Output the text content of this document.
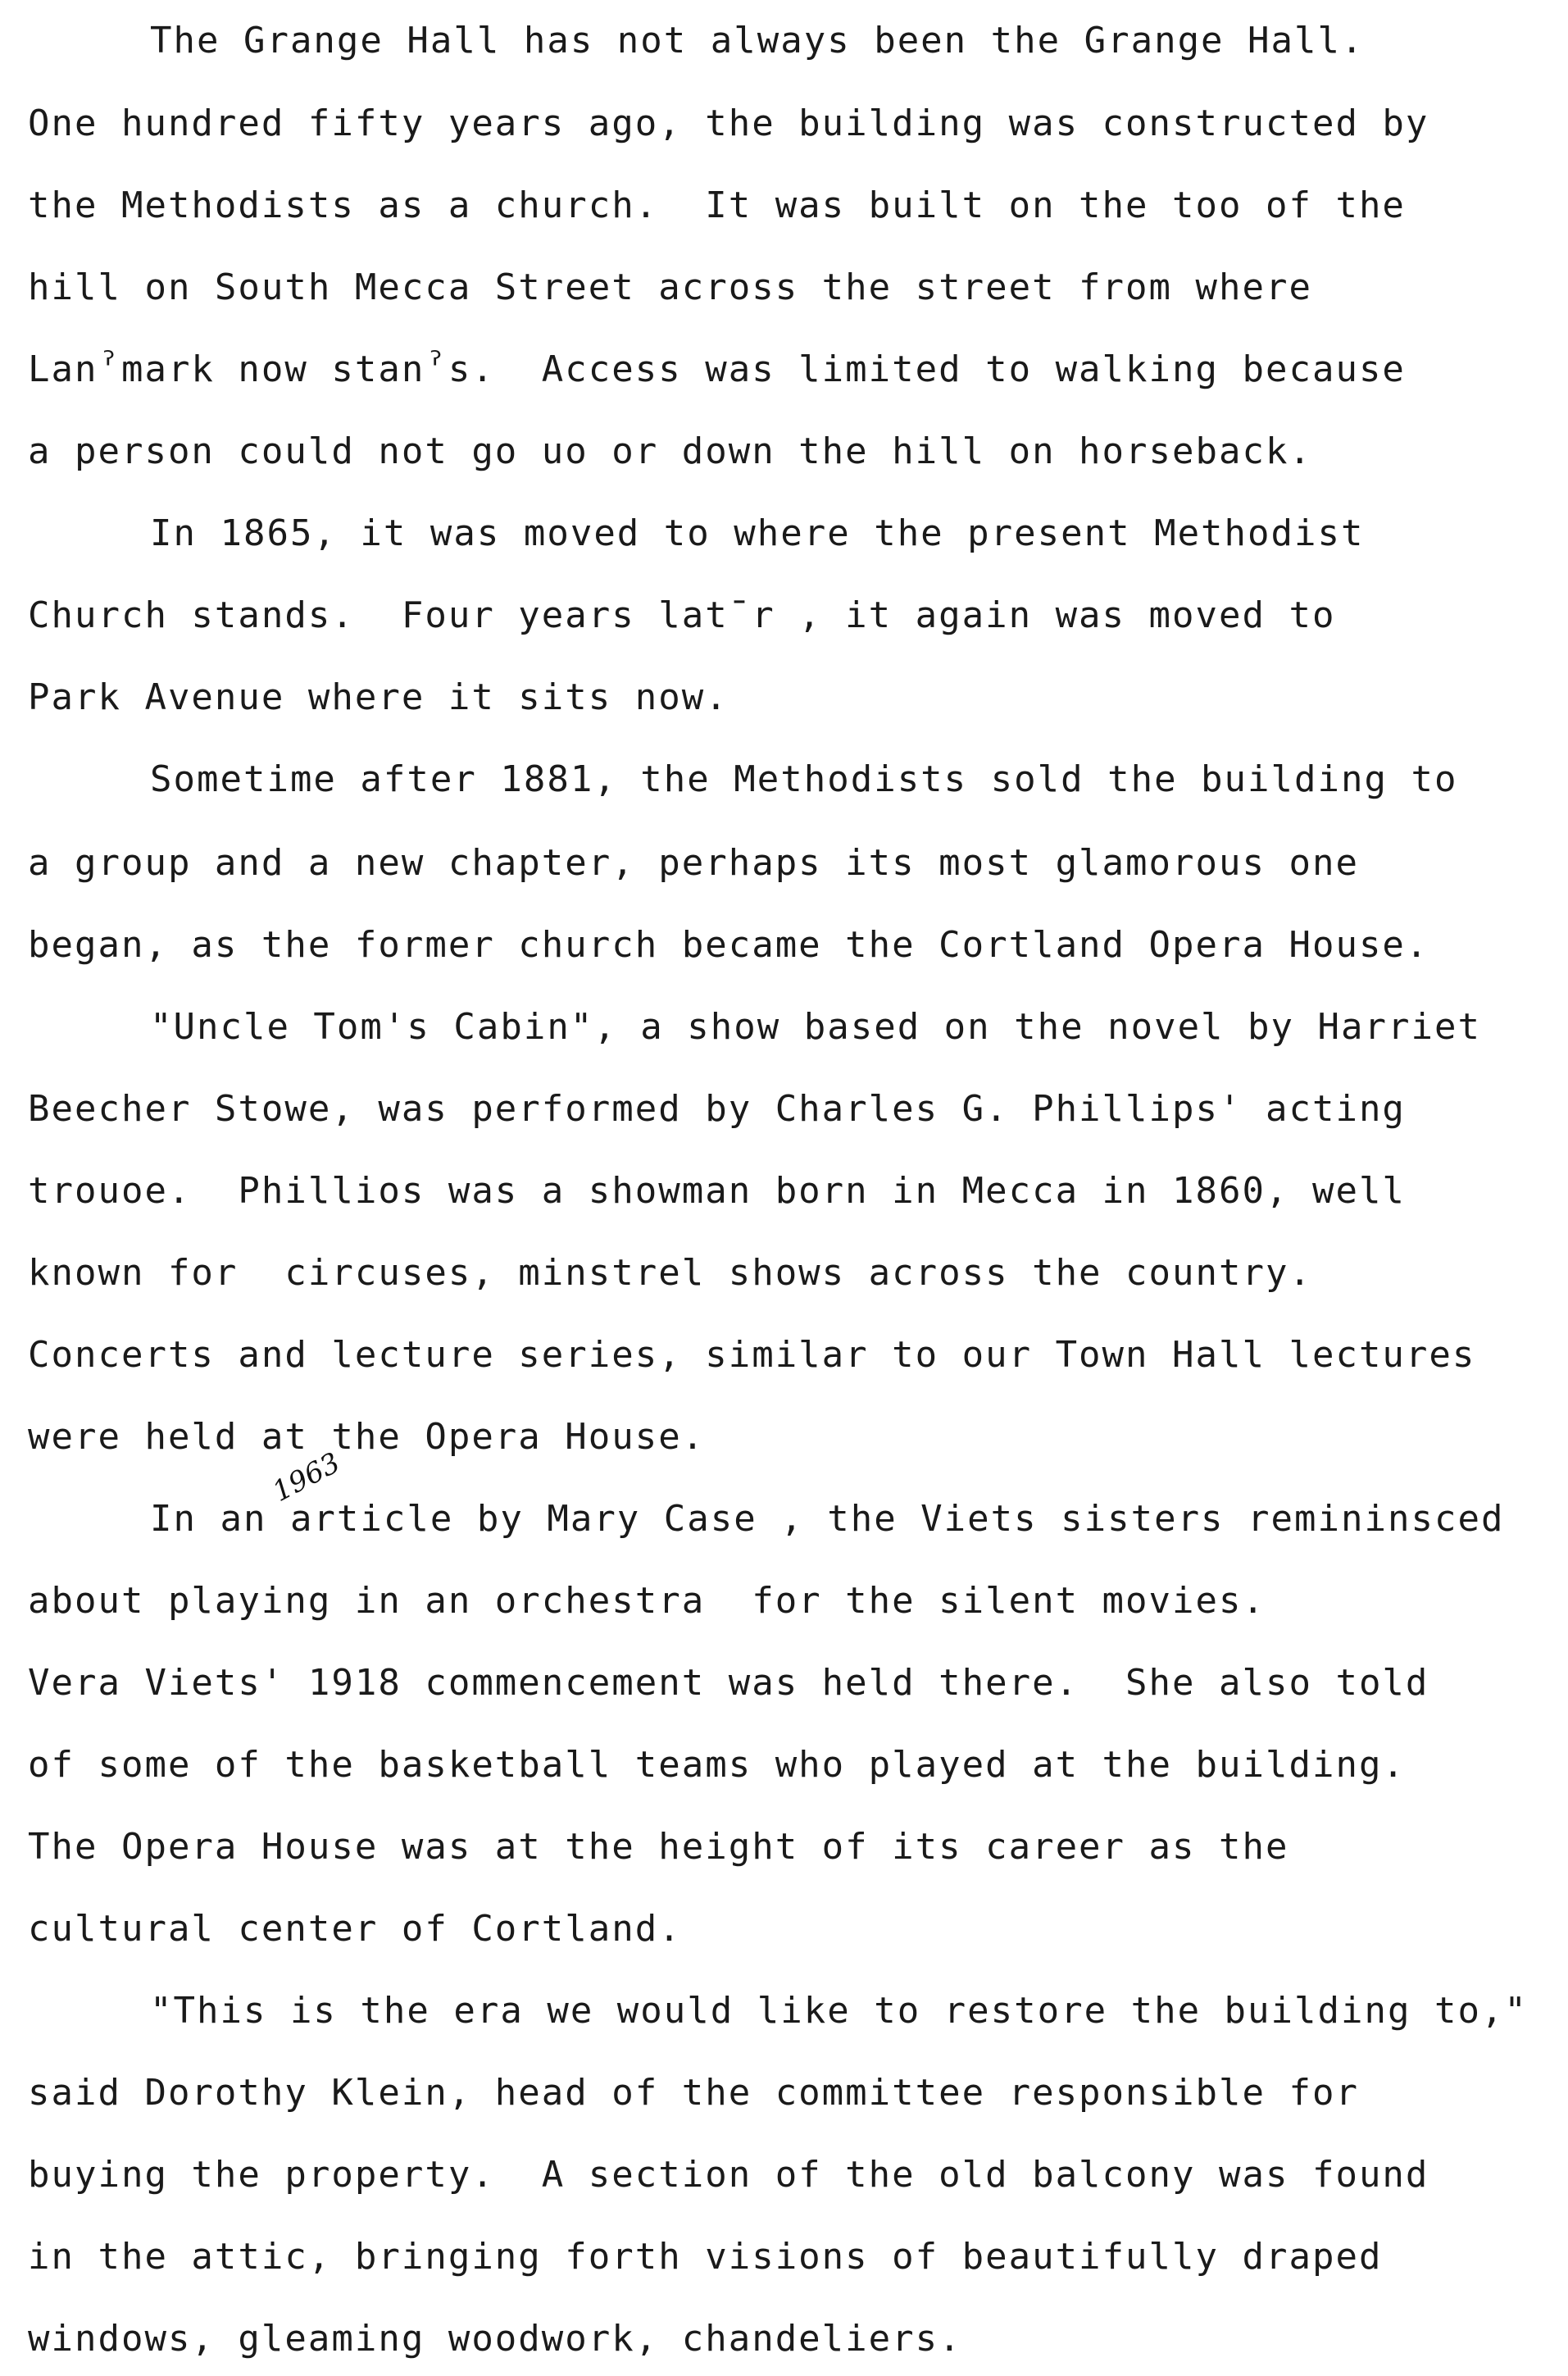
The Grange Hall has not always been the Grange Hall.
One hundred fifty years ago, the building was constructed by
the Methodists as a church.  It was built on the too of the
hill on South Mecca Street across the street from where
Lanˀmark now stanˀs.  Access was limited to walking because
a person could not go uo or down the hill on horseback.
In 1865, it was moved to where the present Methodist
Church stands.  Four years latˉr , it again was moved to
Park Avenue where it sits now.
Sometime after 1881, the Methodists sold the building to
a group and a new chapter, perhaps its most glamorous one
began, as the former church became the Cortland Opera House.
"Uncle Tom's Cabin", a show based on the novel by Harriet
Beecher Stowe, was performed by Charles G. Phillips' acting
trouoe.  Phillios was a showman born in Mecca in 1860, well
known for  circuses, minstrel shows across the country.
Concerts and lecture series, similar to our Town Hall lectures
were held at the Opera House.
In an article by Mary Case , the Viets sisters remininsced
about playing in an orchestra  for the silent movies.
Vera Viets' 1918 commencement was held there.  She also told
of some of the basketball teams who played at the building.
The Opera House was at the height of its career as the
cultural center of Cortland.
"This is the era we would like to restore the building to,"
said Dorothy Klein, head of the committee responsible for
buying the property.  A section of the old balcony was found
in the attic, bringing forth visions of beautifully draped
windows, gleaming woodwork, chandeliers.
1963
